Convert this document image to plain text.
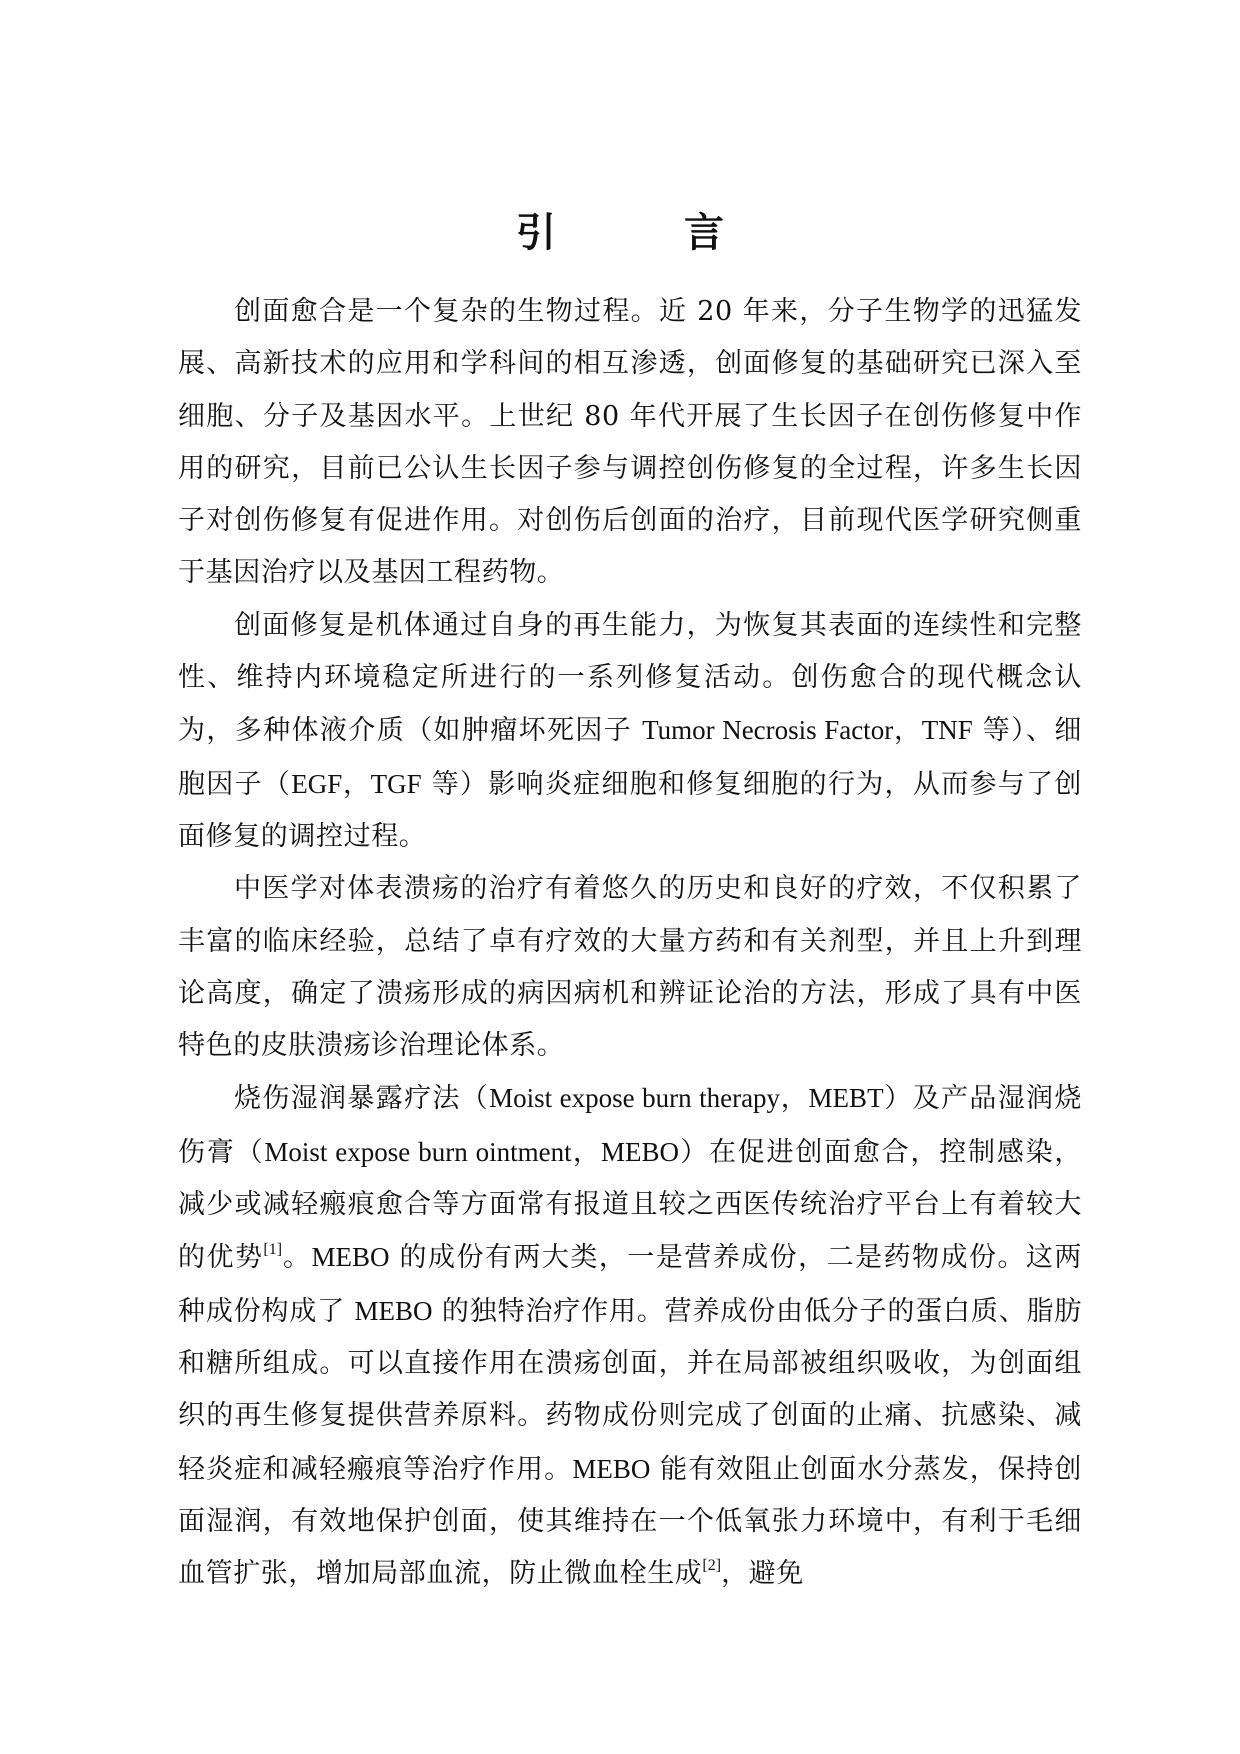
引　言

创面愈合是一个复杂的生物过程。近 20 年来，分子生物学的迅猛发展、高新技术的应用和学科间的相互渗透，创面修复的基础研究已深入至细胞、分子及基因水平。上世纪 80 年代开展了生长因子在创伤修复中作用的研究，目前已公认生长因子参与调控创伤修复的全过程，许多生长因子对创伤修复有促进作用。对创伤后创面的治疗，目前现代医学研究侧重于基因治疗以及基因工程药物。

创面修复是机体通过自身的再生能力，为恢复其表面的连续性和完整性、维持内环境稳定所进行的一系列修复活动。创伤愈合的现代概念认为，多种体液介质（如肿瘤坏死因子 Tumor Necrosis Factor，TNF 等）、细胞因子（EGF，TGF 等）影响炎症细胞和修复细胞的行为，从而参与了创面修复的调控过程。

中医学对体表溃疡的治疗有着悠久的历史和良好的疗效，不仅积累了丰富的临床经验，总结了卓有疗效的大量方药和有关剂型，并且上升到理论高度，确定了溃疡形成的病因病机和辨证论治的方法，形成了具有中医特色的皮肤溃疡诊治理论体系。

烧伤湿润暴露疗法（Moist expose burn therapy，MEBT）及产品湿润烧伤膏（Moist expose burn ointment，MEBO）在促进创面愈合，控制感染，减少或减轻瘢痕愈合等方面常有报道且较之西医传统治疗平台上有着较大的优势[1]。MEBO 的成份有两大类，一是营养成份，二是药物成份。这两种成份构成了 MEBO 的独特治疗作用。营养成份由低分子的蛋白质、脂肪和糖所组成。可以直接作用在溃疡创面，并在局部被组织吸收，为创面组织的再生修复提供营养原料。药物成份则完成了创面的止痛、抗感染、减轻炎症和减轻瘢痕等治疗作用。MEBO 能有效阻止创面水分蒸发，保持创面湿润，有效地保护创面，使其维持在一个低氧张力环境中，有利于毛细血管扩张，增加局部血流，防止微血栓生成[2]，避免
